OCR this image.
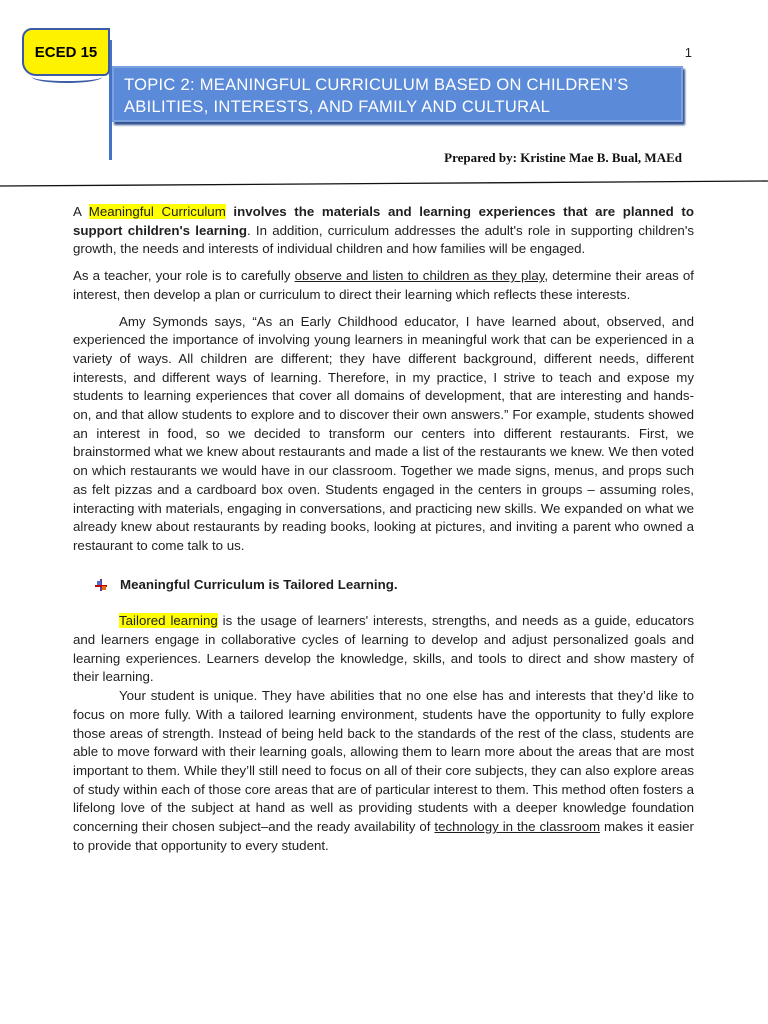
ECED 15	1
TOPIC 2: MEANINGFUL CURRICULUM BASED ON CHILDREN’S ABILITIES, INTERESTS, AND FAMILY AND CULTURAL
Prepared by: Kristine Mae B. Bual, MAEd

A Meaningful Curriculum involves the materials and learning experiences that are planned to support children's learning. In addition, curriculum addresses the adult's role in supporting children's growth, the needs and interests of individual children and how families will be engaged.

As a teacher, your role is to carefully observe and listen to children as they play, determine their areas of interest, then develop a plan or curriculum to direct their learning which reflects these interests.

Amy Symonds says, “As an Early Childhood educator, I have learned about, observed, and experienced the importance of involving young learners in meaningful work that can be experienced in a variety of ways. All children are different; they have different background, different needs, different interests, and different ways of learning. Therefore, in my practice, I strive to teach and expose my students to learning experiences that cover all domains of development, that are interesting and hands-on, and that allow students to explore and to discover their own answers.” For example, students showed an interest in food, so we decided to transform our centers into different restaurants. First, we brainstormed what we knew about restaurants and made a list of the restaurants we knew. We then voted on which restaurants we would have in our classroom. Together we made signs, menus, and props such as felt pizzas and a cardboard box oven. Students engaged in the centers in groups – assuming roles, interacting with materials, engaging in conversations, and practicing new skills. We expanded on what we already knew about restaurants by reading books, looking at pictures, and inviting a parent who owned a restaurant to come talk to us.

Meaningful Curriculum is Tailored Learning.

Tailored learning is the usage of learners' interests, strengths, and needs as a guide, educators and learners engage in collaborative cycles of learning to develop and adjust personalized goals and learning experiences. Learners develop the knowledge, skills, and tools to direct and show mastery of their learning.

Your student is unique. They have abilities that no one else has and interests that they’d like to focus on more fully. With a tailored learning environment, students have the opportunity to fully explore those areas of strength. Instead of being held back to the standards of the rest of the class, students are able to move forward with their learning goals, allowing them to learn more about the areas that are most important to them. While they’ll still need to focus on all of their core subjects, they can also explore areas of study within each of those core areas that are of particular interest to them. This method often fosters a lifelong love of the subject at hand as well as providing students with a deeper knowledge foundation concerning their chosen subject–and the ready availability of technology in the classroom makes it easier to provide that opportunity to every student.
